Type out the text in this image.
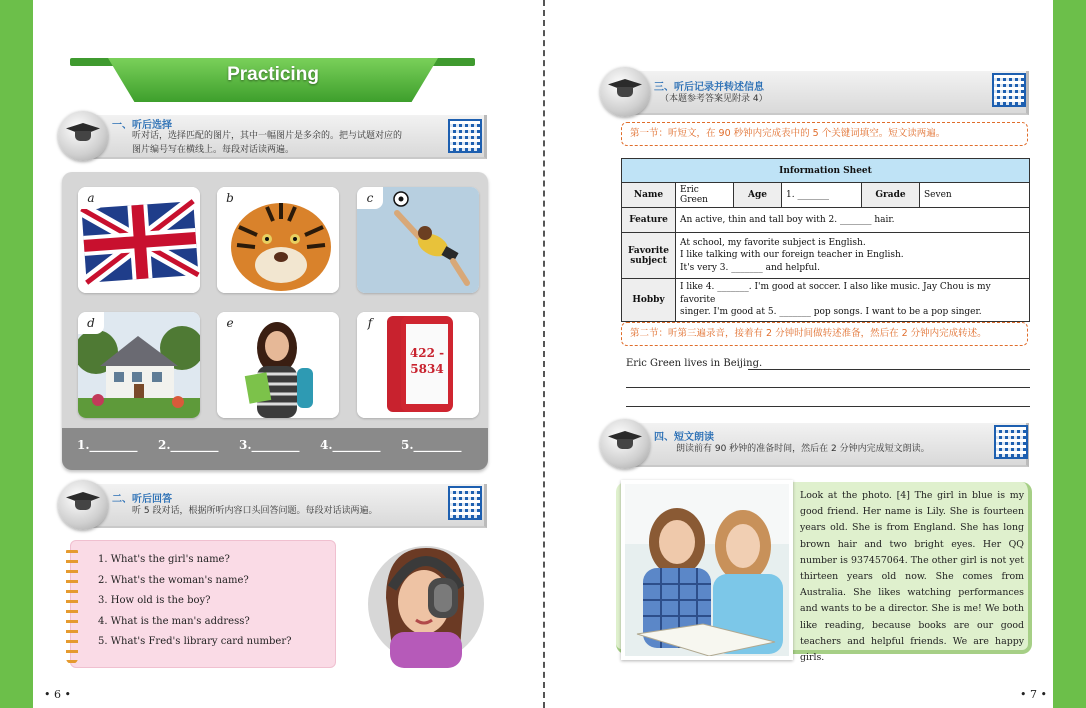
Practicing
一、听后选择
听对话，选择匹配的图片，其中一幅图片是多余的。把与试题对应的
图片编号写在横线上。每段对话读两遍。
a	b	c
d	e	f
422 -
5834
1.________ 2.________ 3.________ 4.________ 5.________
二、听后回答
听 5 段对话，根据所听内容口头回答问题。每段对话读两遍。
1. What's the girl's name?
2. What's the woman's name?
3. How old is the boy?
4. What is the man's address?
5. What's Fred's library card number?
• 6 •	• 7 •
三、听后记录并转述信息
（本题参考答案见附录 4）
第一节：听短文，在 90 秒钟内完成表中的 5 个关键词填空。短文读两遍。
Information Sheet					
Name	Eric Green	Age	1. _______	Grade	Seven
Feature	An active, thin and tall boy with 2. _______ hair.				
Favorite subject	At school, my favorite subject is English.
I like talking with our foreign teacher in English.
It's very 3. _______ and helpful.				

Hobby	I like 4. _______. I'm good at soccer. I also like music. Jay Chou is my favorite
singer. I'm good at 5. _______ pop songs. I want to be a pop singer.				
第二节：听第三遍录音，接着有 2 分钟时间做转述准备，然后在 2 分钟内完成转述。
Eric Green lives in Beijing.
四、短文朗读
朗读前有 90 秒钟的准备时间，然后在 2 分钟内完成短文朗读。
Look at the photo. [4] The girl in blue is my good friend. Her name is Lily. She is fourteen years old. She is from England. She has long brown hair and two bright eyes. Her QQ number is 937457064. The other girl is not yet thirteen years old now. She comes from Australia. She likes watching performances and wants to be a director. She is me! We both like reading, because books are our good teachers and helpful friends. We are happy girls.
